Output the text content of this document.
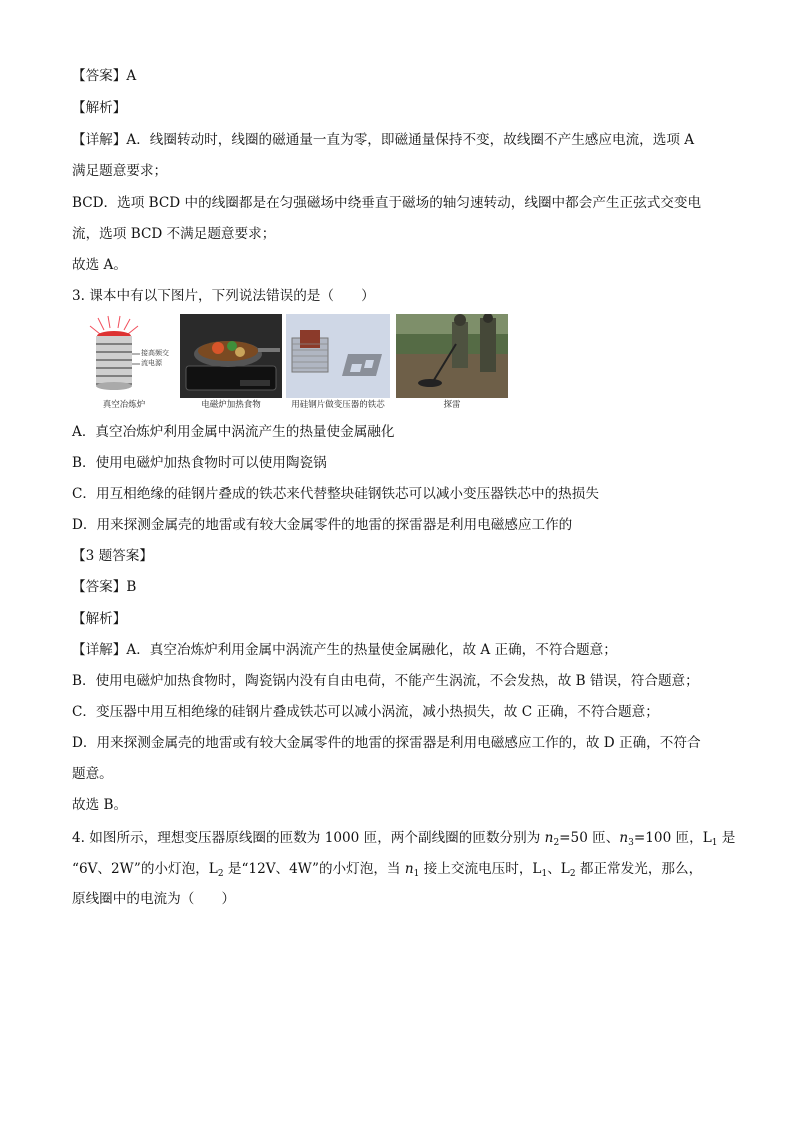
【答案】A
【解析】
【详解】A．线圈转动时，线圈的磁通量一直为零，即磁通量保持不变，故线圈不产生感应电流，选项 A
满足题意要求；
BCD．选项 BCD 中的线圈都是在匀强磁场中绕垂直于磁场的轴匀速转动，线圈中都会产生正弦式交变电
流，选项 BCD 不满足题意要求；
故选 A。
3. 课本中有以下图片，下列说法错误的是（　　）
接高频交
流电源
真空冶炼炉	电磁炉加热食物	用硅钢片做变压器的铁芯	探雷
A．真空冶炼炉利用金属中涡流产生的热量使金属融化
B．使用电磁炉加热食物时可以使用陶瓷锅
C．用互相绝缘的硅钢片叠成的铁芯来代替整块硅钢铁芯可以减小变压器铁芯中的热损失
D．用来探测金属壳的地雷或有较大金属零件的地雷的探雷器是利用电磁感应工作的
【3 题答案】
【答案】B
【解析】
【详解】A．真空冶炼炉利用金属中涡流产生的热量使金属融化，故 A 正确，不符合题意；
B．使用电磁炉加热食物时，陶瓷锅内没有自由电荷，不能产生涡流，不会发热，故 B 错误，符合题意；
C．变压器中用互相绝缘的硅钢片叠成铁芯可以减小涡流，减小热损失，故 C 正确，不符合题意；
D．用来探测金属壳的地雷或有较大金属零件的地雷的探雷器是利用电磁感应工作的，故 D 正确，不符合
题意。
故选 B。
4. 如图所示，理想变压器原线圈的匝数为 1000 匝，两个副线圈的匝数分别为 $n_2=50$ 匝、$n_3=100$ 匝，$L_1$ 是
“6V、2W”的小灯泡，$L_2$ 是“12V、4W”的小灯泡，当 $n_1$ 接上交流电压时，$L_1$、$L_2$ 都正常发光，那么，
原线圈中的电流为（　　）
